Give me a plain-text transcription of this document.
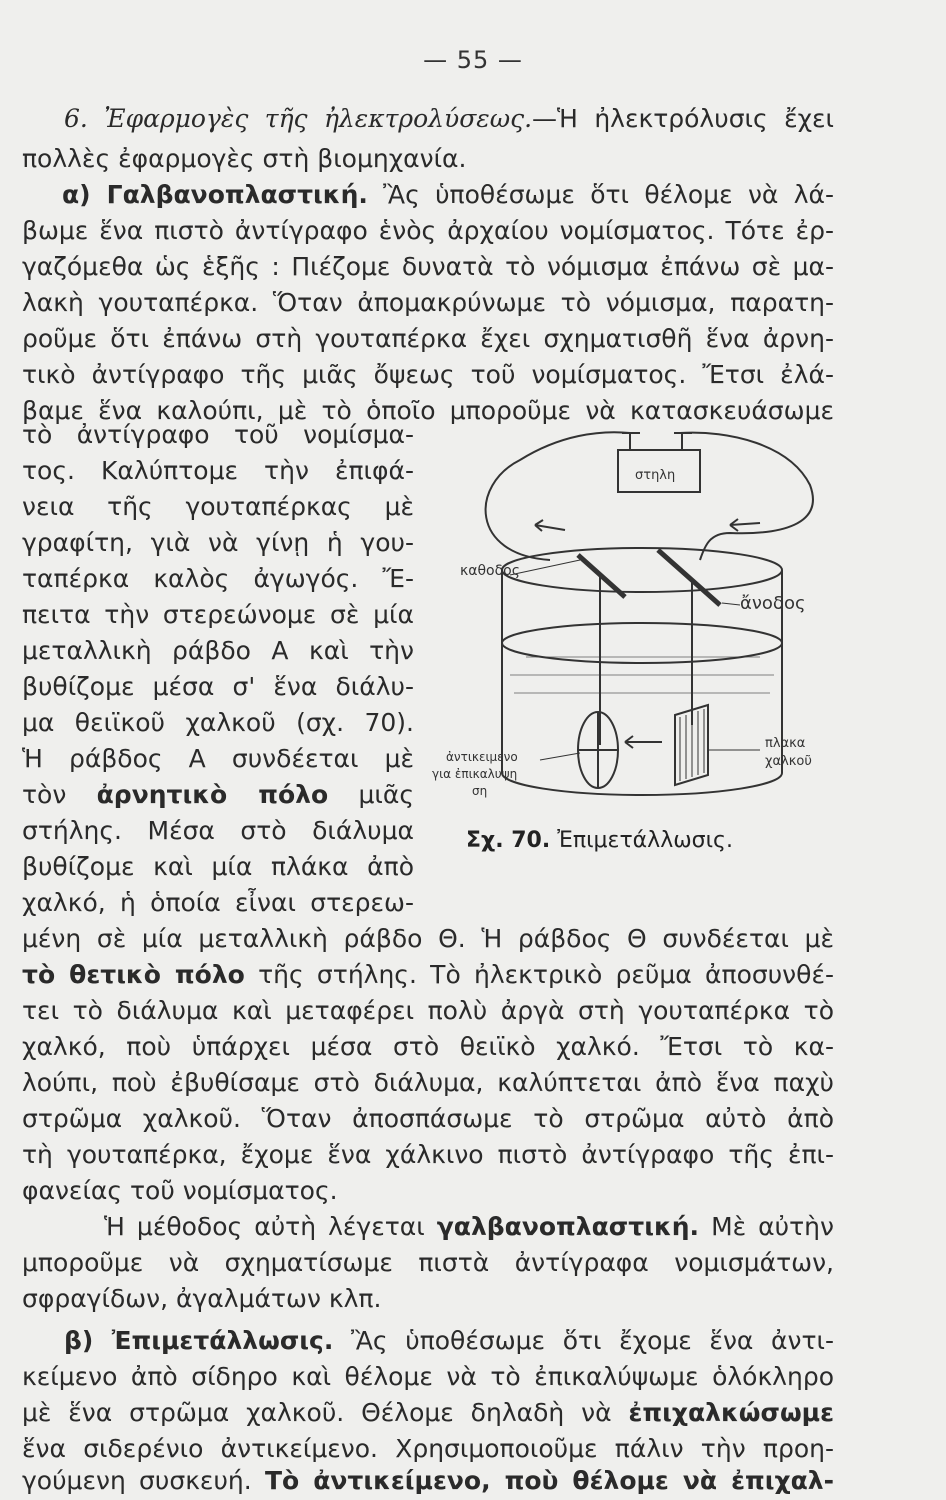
— 55 —
6. Ἐφαρμογὲς τῆς ἠλεκτρολύσεως.—Ἡ ἠλεκτρόλυσις ἔχει
πολλὲς ἐφαρμογὲς στὴ βιομηχανία.
α) Γαλβανοπλαστική. Ἂς ὑποθέσωμε ὅτι θέλομε νὰ λά-
βωμε ἕνα πιστὸ ἀντίγραφο ἑνὸς ἀρχαίου νομίσματος. Τότε ἐρ-
γαζόμεθα ὡς ἑξῆς : Πιέζομε δυνατὰ τὸ νόμισμα ἐπάνω σὲ μα-
λακὴ γουταπέρκα. Ὅταν ἀπομακρύνωμε τὸ νόμισμα, παρατη-
ροῦμε ὅτι ἐπάνω στὴ γουταπέρκα ἔχει σχηματισθῆ ἕνα ἀρνη-
τικὸ ἀντίγραφο τῆς μιᾶς ὄψεως τοῦ νομίσματος. Ἔτσι ἐλά-
βαμε ἕνα καλούπι, μὲ τὸ ὁποῖο μποροῦμε νὰ κατασκευάσωμε
τὸ ἀντίγραφο τοῦ νομίσμα-
τος. Καλύπτομε τὴν ἐπιφά-
νεια τῆς γουταπέρκας μὲ
γραφίτη, γιὰ νὰ γίνῃ ἡ γου-
ταπέρκα καλὸς ἀγωγός. Ἔ-
πειτα τὴν στερεώνομε σὲ μία
μεταλλικὴ ράβδο Α καὶ τὴν
βυθίζομε μέσα σ' ἕνα διάλυ-
μα θειϊκοῦ χαλκοῦ (σχ. 70).
Ἡ ράβδος Α συνδέεται μὲ
τὸν ἀρνητικὸ πόλο μιᾶς
στήλης. Μέσα στὸ διάλυμα
βυθίζομε καὶ μία πλάκα ἀπὸ
χαλκό, ἡ ὁποία εἶναι στερεω-
μένη σὲ μία μεταλλικὴ ράβδο Θ. Ἡ ράβδος Θ συνδέεται μὲ
τὸ θετικὸ πόλο τῆς στήλης. Τὸ ἠλεκτρικὸ ρεῦμα ἀποσυνθέ-
τει τὸ διάλυμα καὶ μεταφέρει πολὺ ἀργὰ στὴ γουταπέρκα τὸ
χαλκό, ποὺ ὑπάρχει μέσα στὸ θειϊκὸ χαλκό. Ἔτσι τὸ κα-
λούπι, ποὺ ἐβυθίσαμε στὸ διάλυμα, καλύπτεται ἀπὸ ἕνα παχὺ
στρῶμα χαλκοῦ. Ὅταν ἀποσπάσωμε τὸ στρῶμα αὐτὸ ἀπὸ
τὴ γουταπέρκα, ἔχομε ἕνα χάλκινο πιστὸ ἀντίγραφο τῆς ἐπι-
φανείας τοῦ νομίσματος.
Ἡ μέθοδος αὐτὴ λέγεται γαλβανοπλαστική. Μὲ αὐτὴν
μποροῦμε νὰ σχηματίσωμε πιστὰ ἀντίγραφα νομισμάτων,
σφραγίδων, ἀγαλμάτων κλπ.
β) Ἐπιμετάλλωσις. Ἂς ὑποθέσωμε ὅτι ἔχομε ἕνα ἀντι-
κείμενο ἀπὸ σίδηρο καὶ θέλομε νὰ τὸ ἐπικαλύψωμε ὁλόκληρο
μὲ ἕνα στρῶμα χαλκοῦ. Θέλομε δηλαδὴ νὰ ἐπιχαλκώσωμε
ἕνα σιδερένιο ἀντικείμενο. Χρησιμοποιοῦμε πάλιν τὴν προη-
γούμενη συσκευή. Τὸ ἀντικείμενο, ποὺ θέλομε νὰ ἐπιχαλ-
στηλη
καθοδος
ἄνοδος
ἀντικειμενο
για ἐπικαλυψη
ση
πλακα
χαλκοῦ
Σχ. 70. Ἐπιμετάλλωσις.
